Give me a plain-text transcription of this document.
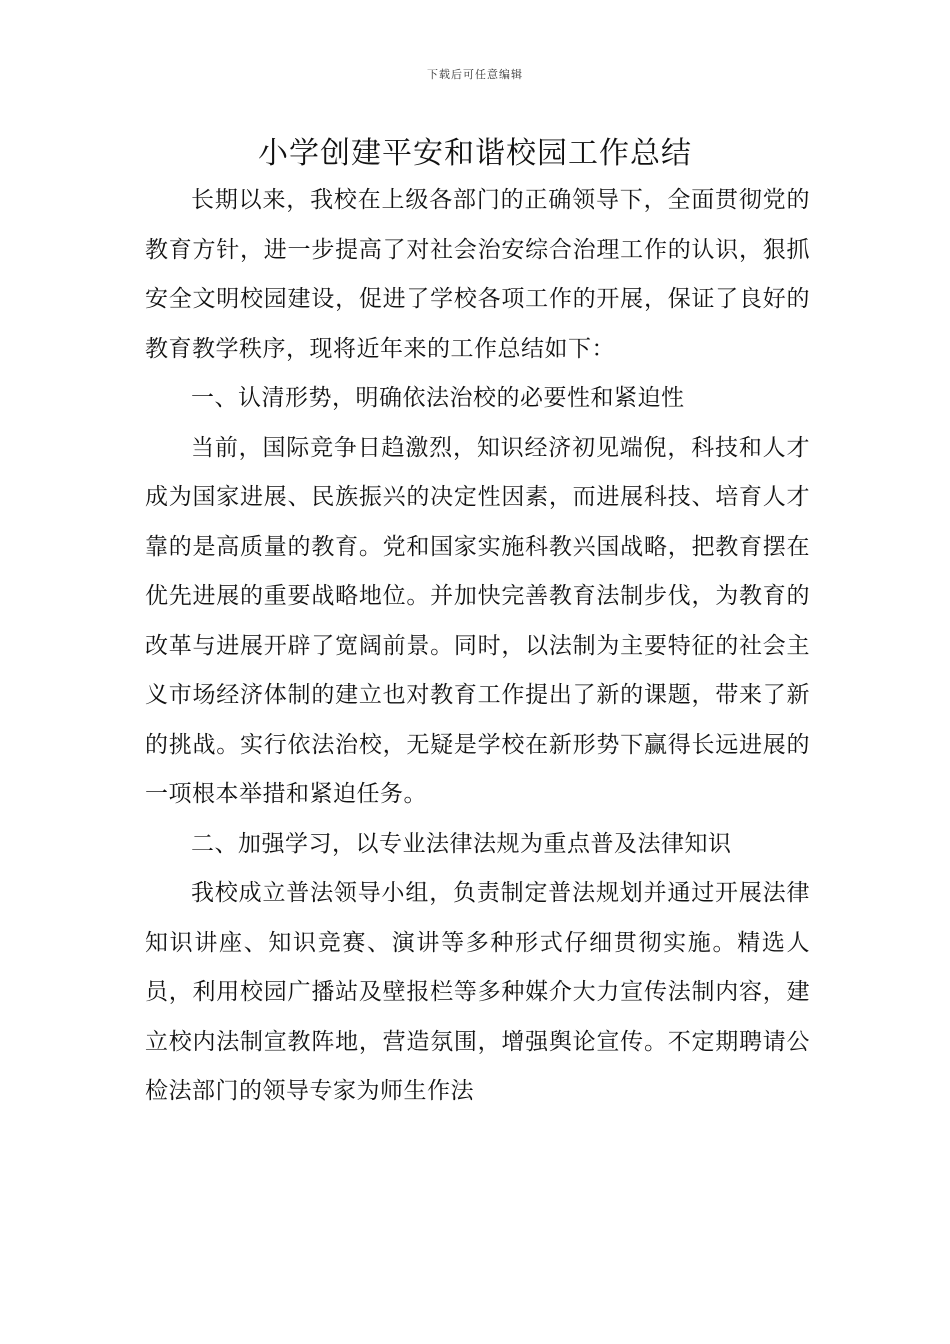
下载后可任意编辑
小学创建平安和谐校园工作总结

长期以来，我校在上级各部门的正确领导下，全面贯彻党的教育方针，进一步提高了对社会治安综合治理工作的认识，狠抓安全文明校园建设，促进了学校各项工作的开展，保证了良好的教育教学秩序，现将近年来的工作总结如下：

一、认清形势，明确依法治校的必要性和紧迫性

当前，国际竞争日趋激烈，知识经济初见端倪，科技和人才成为国家进展、民族振兴的决定性因素，而进展科技、培育人才靠的是高质量的教育。党和国家实施科教兴国战略，把教育摆在优先进展的重要战略地位。并加快完善教育法制步伐，为教育的改革与进展开辟了宽阔前景。同时，以法制为主要特征的社会主义市场经济体制的建立也对教育工作提出了新的课题，带来了新的挑战。实行依法治校，无疑是学校在新形势下赢得长远进展的一项根本举措和紧迫任务。

二、加强学习，以专业法律法规为重点普及法律知识

我校成立普法领导小组，负责制定普法规划并通过开展法律知识讲座、知识竞赛、演讲等多种形式仔细贯彻实施。精选人员，利用校园广播站及壁报栏等多种媒介大力宣传法制内容，建立校内法制宣教阵地，营造氛围，增强舆论宣传。不定期聘请公检法部门的领导专家为师生作法
